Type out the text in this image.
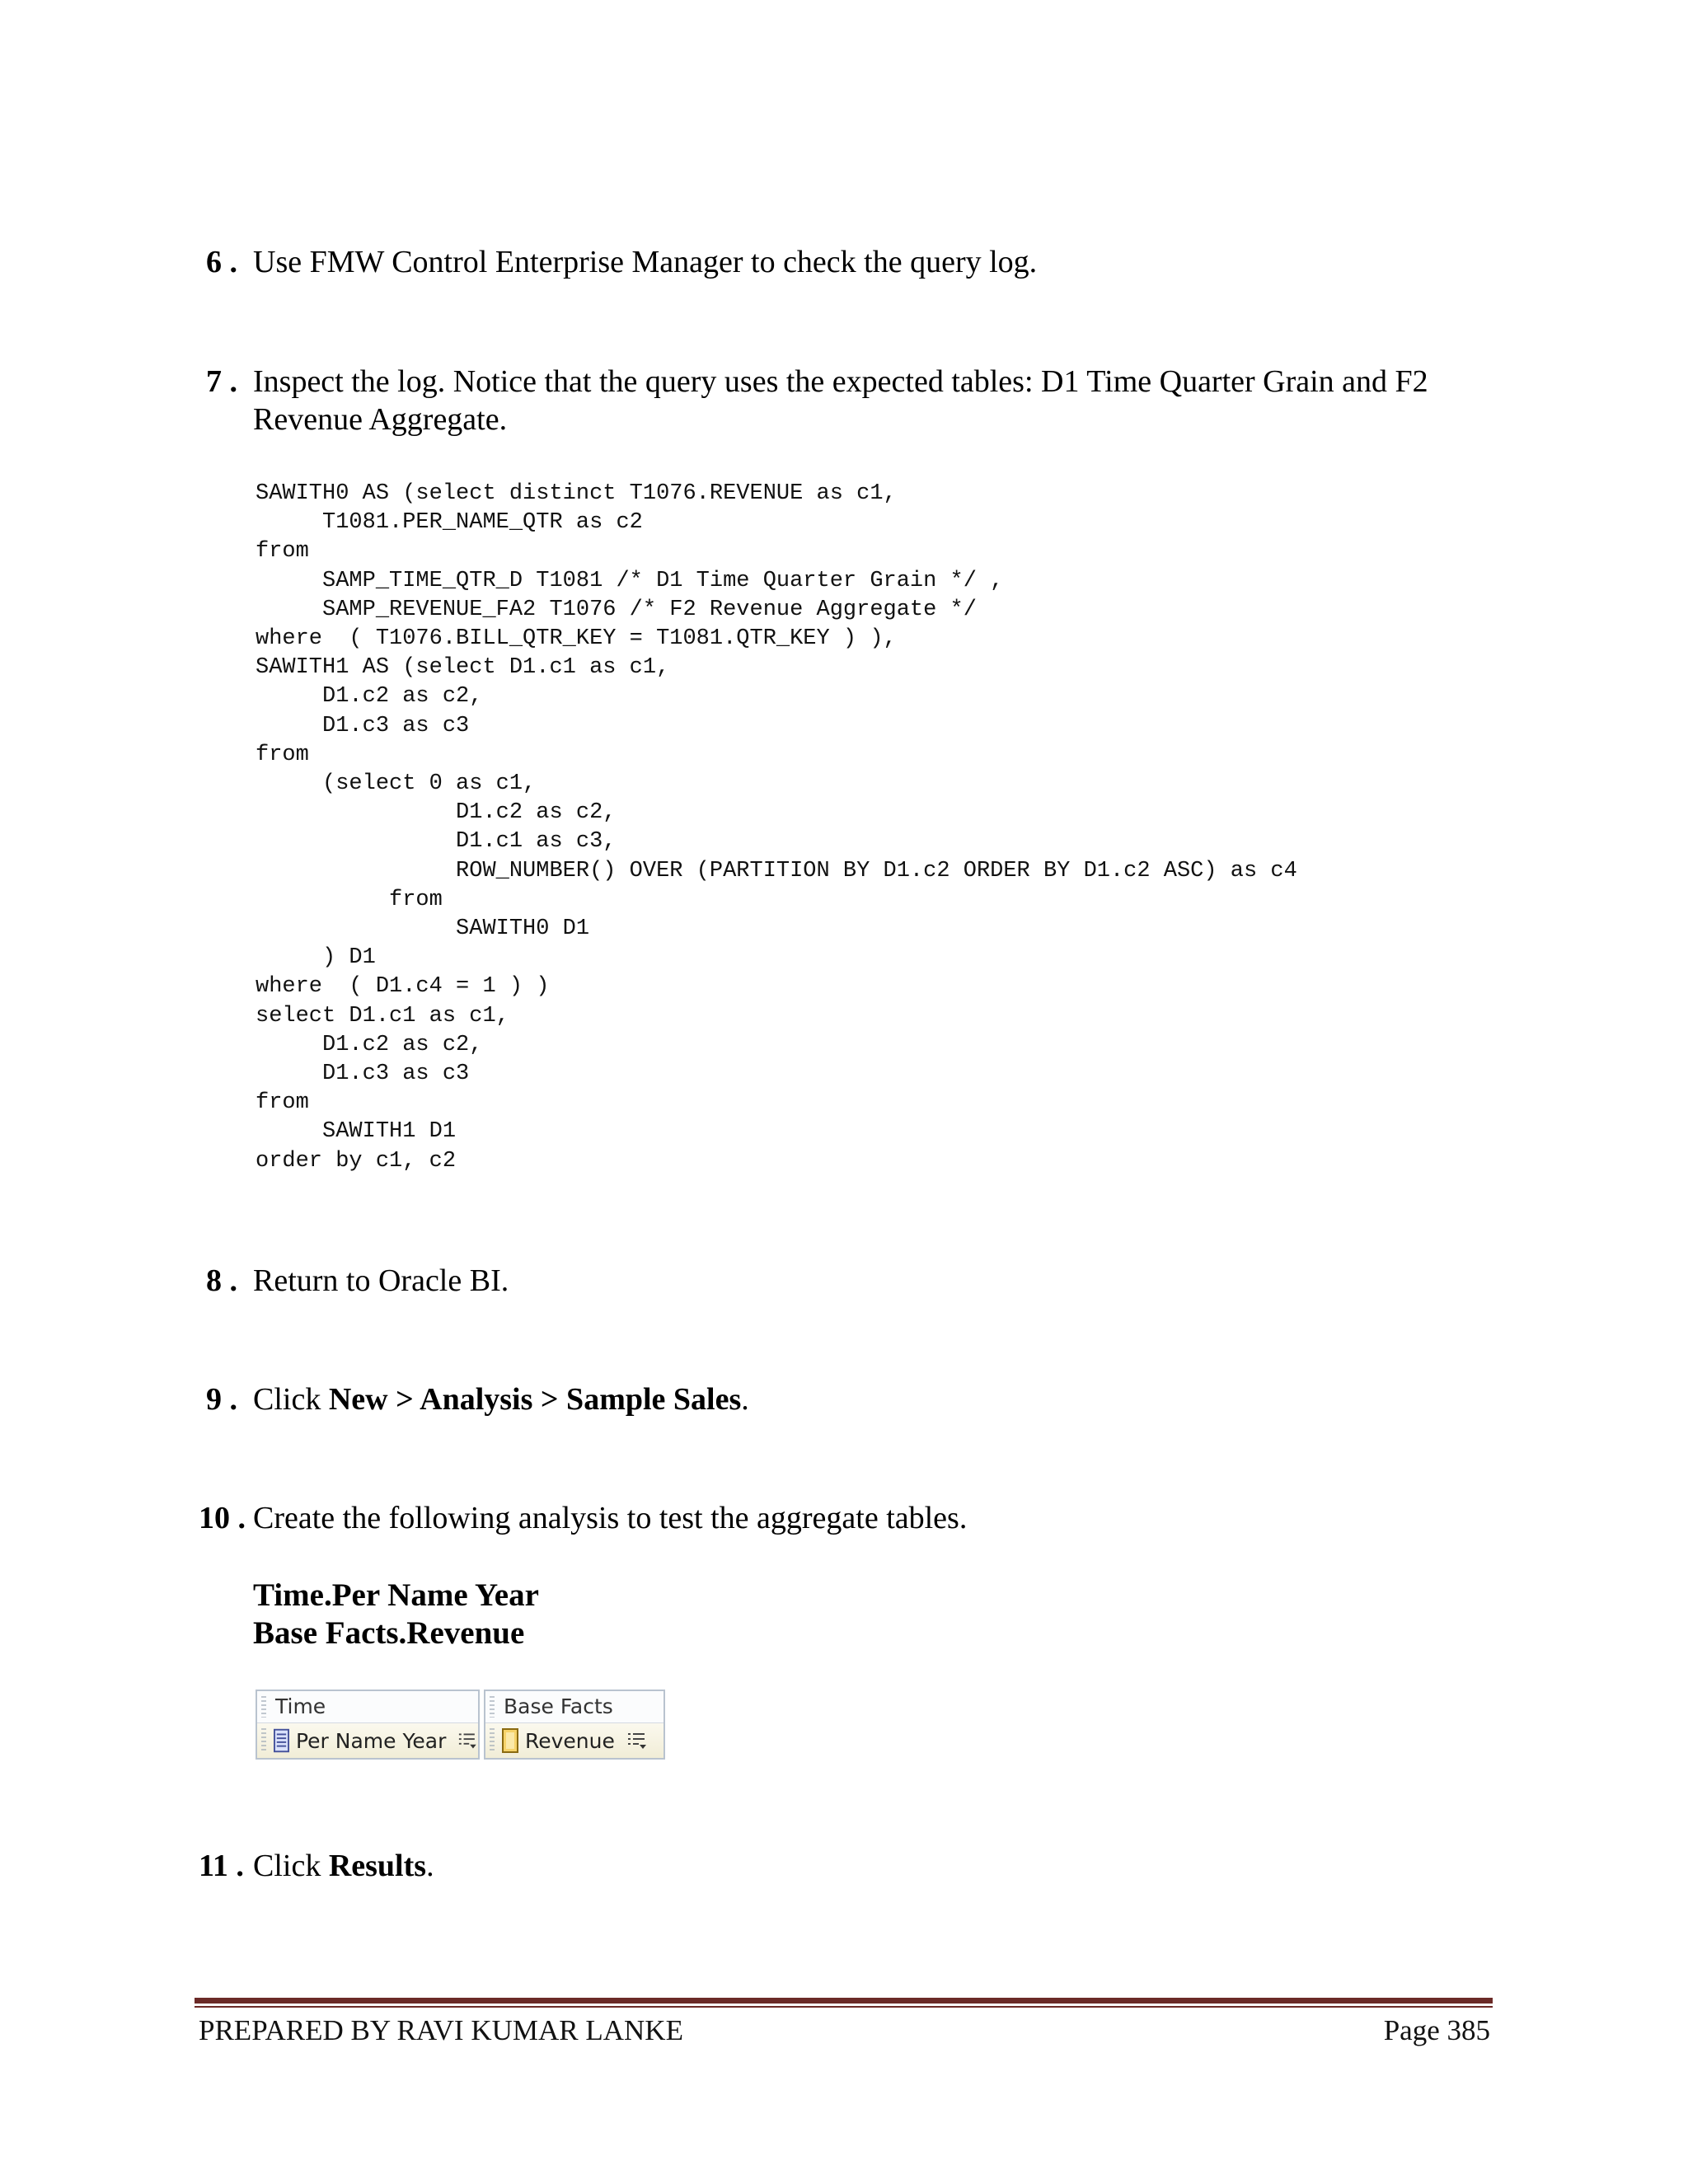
6 . Use FMW Control Enterprise Manager to check the query log.
7 . Inspect the log. Notice that the query uses the expected tables: D1 Time Quarter Grain and F2 Revenue Aggregate.
SAWITH0 AS (select distinct T1076.REVENUE as c1,
T1081.PER_NAME_QTR as c2
from
SAMP_TIME_QTR_D T1081 /* D1 Time Quarter Grain */ ,
SAMP_REVENUE_FA2 T1076 /* F2 Revenue Aggregate */
where  ( T1076.BILL_QTR_KEY = T1081.QTR_KEY ) ),
SAWITH1 AS (select D1.c1 as c1,
D1.c2 as c2,
D1.c3 as c3
from
(select 0 as c1,
D1.c2 as c2,
D1.c1 as c3,
ROW_NUMBER() OVER (PARTITION BY D1.c2 ORDER BY D1.c2 ASC) as c4
from
SAWITH0 D1
) D1
where  ( D1.c4 = 1 ) )
select D1.c1 as c1,
D1.c2 as c2,
D1.c3 as c3
from
SAWITH1 D1
order by c1, c2

8 . Return to Oracle BI.
9 . Click New > Analysis > Sample Sales.
10 . Create the following analysis to test the aggregate tables.
Time.Per Name Year
Base Facts.Revenue
Time
Per Name Year
Base Facts
Revenue
11 . Click Results.
PREPARED BY RAVI KUMAR LANKE	Page 385
